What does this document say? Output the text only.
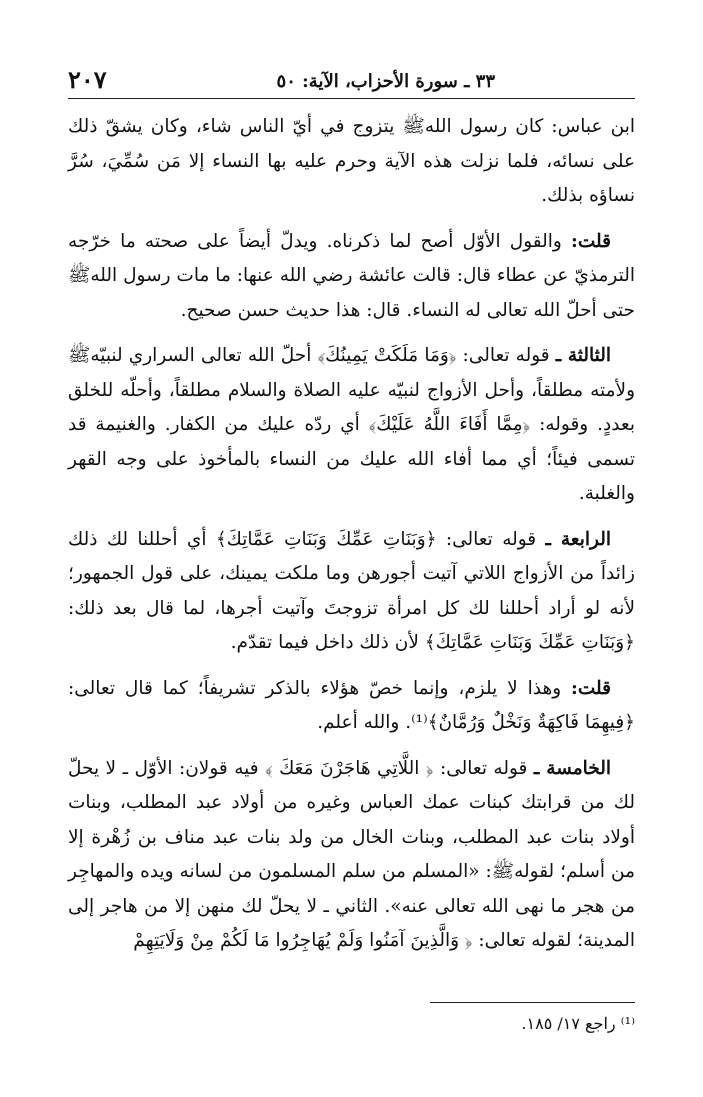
٢٠٧	٣٣ ـ سورة الأحزاب، الآية: ٥٠

ابن عباس: كان رسول اللهﷺ يتزوج في أيّ الناس شاء، وكان يشقّ ذلك على نسائه، فلما نزلت هذه الآية وحرم عليه بها النساء إلا مَن سُمِّيَ، سُرَّ نساؤه بذلك.

قلت: والقول الأوّل أصح لما ذكرناه. ويدلّ أيضاً على صحته ما خرّجه الترمذيّ عن عطاء قال: قالت عائشة رضي الله عنها: ما مات رسول اللهﷺ حتى أحلّ الله تعالى له النساء. قال: هذا حديث حسن صحيح.

الثالثة ـ قوله تعالى: ﴿وَمَا مَلَكَتْ يَمِينُكَ﴾ أحلّ الله تعالى السراري لنبيّهﷺ ولأمته مطلقاً، وأحل الأزواج لنبيّه عليه الصلاة والسلام مطلقاً، وأحلّه للخلق بعددٍ. وقوله: ﴿مِمَّا أَفَاءَ اللَّهُ عَلَيْكَ﴾ أي ردّه عليك من الكفار. والغنيمة قد تسمى فيئاً؛ أي مما أفاء الله عليك من النساء بالمأخوذ على وجه القهر والغلبة.

الرابعة ـ قوله تعالى: ﴿وَبَنَاتِ عَمِّكَ وَبَنَاتِ عَمَّاتِكَ﴾ أي أحللنا لك ذلك زائداً من الأزواج اللاتي آتيت أجورهن وما ملكت يمينك، على قول الجمهور؛ لأنه لو أراد أحللنا لك كل امرأة تزوجتَ وآتيت أجرها، لما قال بعد ذلك: ﴿وَبَنَاتِ عَمِّكَ وَبَنَاتِ عَمَّاتِكَ﴾ لأن ذلك داخل فيما تقدّم.

قلت: وهذا لا يلزم، وإنما خصّ هؤلاء بالذكر تشريفاً؛ كما قال تعالى: ﴿فِيهِمَا فَاكِهَةٌ وَنَخْلٌ وَرُمَّانٌ﴾⁽¹⁾. والله أعلم.

الخامسة ـ قوله تعالى: ﴿ اللَّاتِي هَاجَرْنَ مَعَكَ ﴾ فيه قولان: الأوّل ـ لا يحلّ لك من قرابتك كبنات عمك العباس وغيره من أولاد عبد المطلب، وبنات أولاد بنات عبد المطلب، وبنات الخال من ولد بنات عبد مناف بن زُهْرة إلا من أسلم؛ لقولهﷺ: «المسلم من سلم المسلمون من لسانه ويده والمهاجِر من هجر ما نهى الله تعالى عنه». الثاني ـ لا يحلّ لك منهن إلا من هاجر إلى المدينة؛ لقوله تعالى: ﴿ وَالَّذِينَ آمَنُوا وَلَمْ يُهَاجِرُوا مَا لَكُمْ مِنْ وَلَايَتِهِمْ

⁽¹⁾ راجع ١٧/ ١٨٥.
